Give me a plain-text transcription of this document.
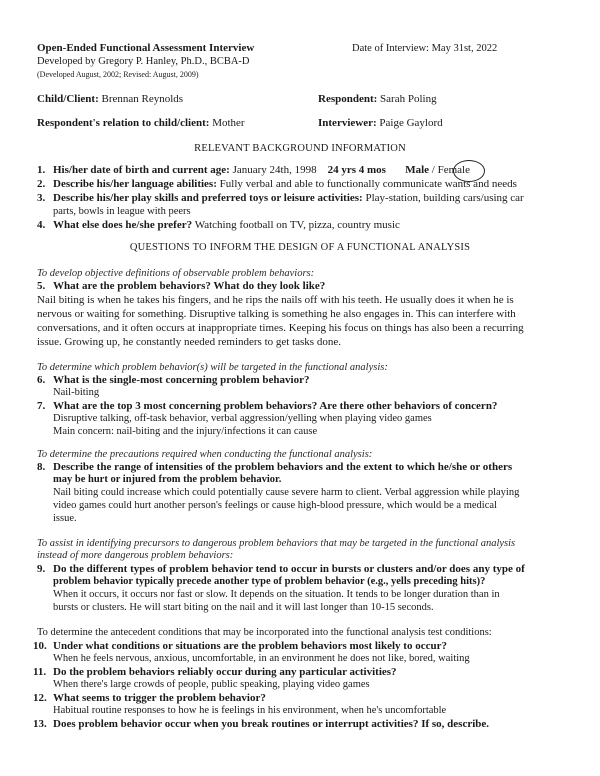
Open-Ended Functional Assessment Interview
Developed by Gregory P. Hanley, Ph.D., BCBA-D
(Developed August, 2002; Revised: August, 2009)
Date of Interview: May 31st, 2022
Child/Client: Brennan Reynolds	Respondent: Sarah Poling
Respondent's relation to child/client: Mother	Interviewer: Paige Gaylord
RELEVANT BACKGROUND INFORMATION
1. His/her date of birth and current age: January 24th, 1998 24 yrs 4 mos Male / Female
2. Describe his/her language abilities: Fully verbal and able to functionally communicate wants and needs
3. Describe his/her play skills and preferred toys or leisure activities: Play-station, building cars/using car
parts, bowls in league with peers
4. What else does he/she prefer? Watching football on TV, pizza, country music
QUESTIONS TO INFORM THE DESIGN OF A FUNCTIONAL ANALYSIS
To develop objective definitions of observable problem behaviors:
5. What are the problem behaviors? What do they look like?
Nail biting is when he takes his fingers, and he rips the nails off with his teeth. He usually does it when he is
nervous or waiting for something. Disruptive talking is something he also engages in. This can interfere with
conversations, and it often occurs at inappropriate times. Keeping his focus on things has also been a recurring
issue. Growing up, he constantly needed reminders to get tasks done.
To determine which problem behavior(s) will be targeted in the functional analysis:
6. What is the single-most concerning problem behavior?
Nail-biting
7. What are the top 3 most concerning problem behaviors? Are there other behaviors of concern?
Disruptive talking, off-task behavior, verbal aggression/yelling when playing video games
Main concern: nail-biting and the injury/infections it can cause
To determine the precautions required when conducting the functional analysis:
8. Describe the range of intensities of the problem behaviors and the extent to which he/she or others
may be hurt or injured from the problem behavior.
Nail biting could increase which could potentially cause severe harm to client. Verbal aggression while playing
video games could hurt another person's feelings or cause high-blood pressure, which would be a medical
issue.
To assist in identifying precursors to dangerous problem behaviors that may be targeted in the functional analysis
instead of more dangerous problem behaviors:
9. Do the different types of problem behavior tend to occur in bursts or clusters and/or does any type of
problem behavior typically precede another type of problem behavior (e.g., yells preceding hits)?
When it occurs, it occurs nor fast or slow. It depends on the situation. It tends to be longer duration than in
bursts or clusters. He will start biting on the nail and it will last longer than 10-15 seconds.
To determine the antecedent conditions that may be incorporated into the functional analysis test conditions:
10. Under what conditions or situations are the problem behaviors most likely to occur?
When he feels nervous, anxious, uncomfortable, in an environment he does not like, bored, waiting
11. Do the problem behaviors reliably occur during any particular activities?
When there's large crowds of people, public speaking, playing video games
12. What seems to trigger the problem behavior?
Habitual routine responses to how he is feelings in his environment, when he's uncomfortable
13. Does problem behavior occur when you break routines or interrupt activities? If so, describe.
